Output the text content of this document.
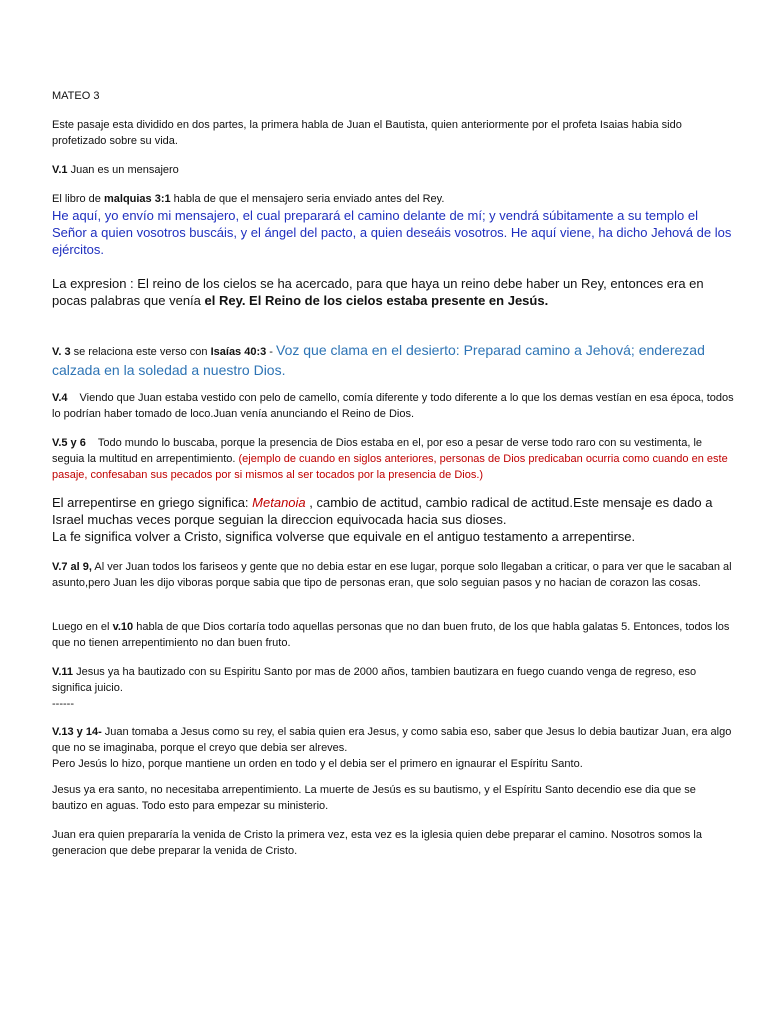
MATEO 3

Este pasaje esta dividido en dos partes, la primera habla de Juan el Bautista, quien anteriormente por el profeta Isaias habia sido profetizado sobre su vida.

V.1 Juan es un mensajero

El libro de malquias 3:1 habla de que el mensajero seria enviado antes del Rey.

He aquí, yo envío mi mensajero, el cual preparará el camino delante de mí; y vendrá súbitamente a su templo el Señor a quien vosotros buscáis, y el ángel del pacto, a quien deseáis vosotros. He aquí viene, ha dicho Jehová de los ejércitos.

La expresion : El reino de los cielos se ha acercado, para que haya un reino debe haber un Rey, entonces era en pocas palabras que venía el Rey. El Reino de los cielos estaba presente en Jesús.

V. 3 se relaciona este verso con Isaías 40:3 - Voz que clama en el desierto: Preparad camino a Jehová; enderezad calzada en la soledad a nuestro Dios.

V.4 Viendo que Juan estaba vestido con pelo de camello, comía diferente y todo diferente a lo que los demas vestían en esa época, todos lo podrían haber tomado de loco.Juan venía anunciando el Reino de Dios.

V.5 y 6 Todo mundo lo buscaba, porque la presencia de Dios estaba en el, por eso a pesar de verse todo raro con su vestimenta, le seguia la multitud en arrepentimiento. (ejemplo de cuando en siglos anteriores, personas de Dios predicaban ocurria como cuando en este pasaje, confesaban sus pecados por si mismos al ser tocados por la presencia de Dios.)

El arrepentirse en griego significa: Metanoia , cambio de actitud, cambio radical de actitud.Este mensaje es dado a Israel muchas veces porque seguian la direccion equivocada hacia sus dioses.
La fe significa volver a Cristo, significa volverse que equivale en el antiguo testamento a arrepentirse.

V.7 al 9, Al ver Juan todos los fariseos y gente que no debia estar en ese lugar, porque solo llegaban a criticar, o para ver que le sacaban al asunto,pero Juan les dijo viboras porque sabia que tipo de personas eran, que solo seguian pasos y no hacian de corazon las cosas.

Luego en el v.10 habla de que Dios cortaría todo aquellas personas que no dan buen fruto, de los que habla galatas 5. Entonces, todos los que no tienen arrepentimiento no dan buen fruto.

V.11 Jesus ya ha bautizado con su Espiritu Santo por mas de 2000 años, tambien bautizara en fuego cuando venga de regreso, eso significa juicio.
------

V.13 y 14- Juan tomaba a Jesus como su rey, el sabia quien era Jesus, y como sabia eso, saber que Jesus lo debia bautizar Juan, era algo que no se imaginaba, porque el creyo que debia ser alreves.
Pero Jesús lo hizo, porque mantiene un orden en todo y el debia ser el primero en ignaurar el Espíritu Santo.

Jesus ya era santo, no necesitaba arrepentimiento. La muerte de Jesús es su bautismo, y el Espíritu Santo decendio ese dia que se bautizo en aguas. Todo esto para empezar su ministerio.

Juan era quien prepararía la venida de Cristo la primera vez, esta vez es la iglesia quien debe preparar el camino. Nosotros somos la generacion que debe preparar la venida de Cristo.
